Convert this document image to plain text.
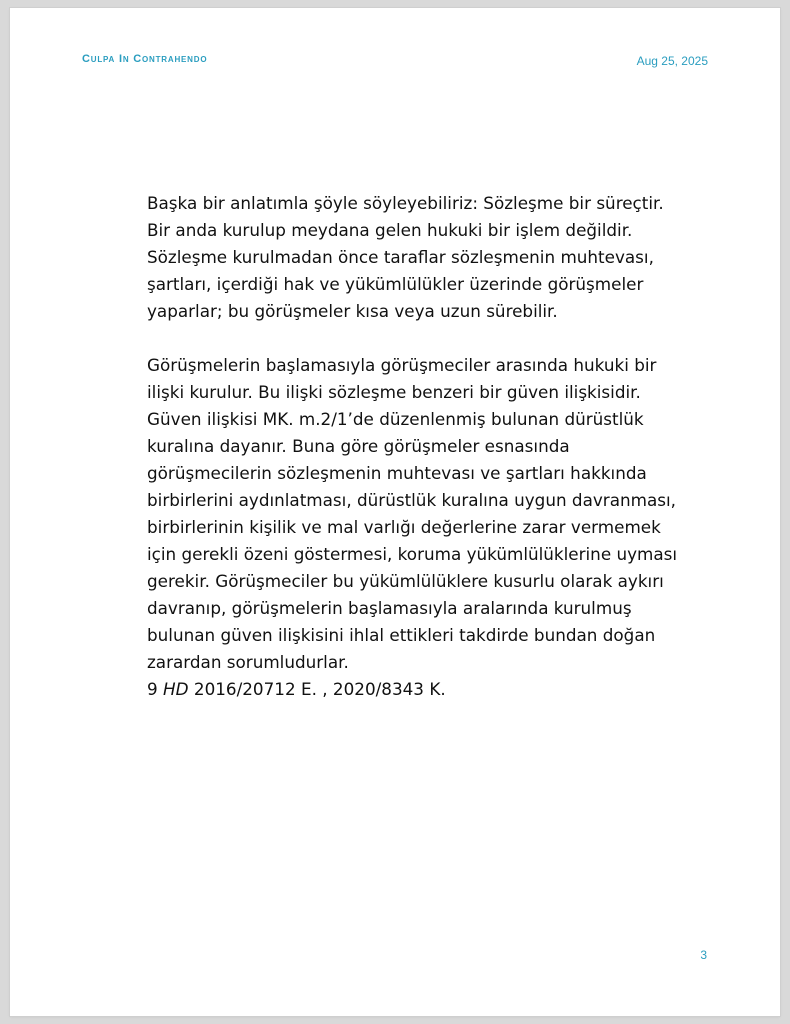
Culpa In Contrahendo	Aug 25, 2025

Başka bir anlatımla şöyle söyleyebiliriz: Sözleşme bir süreçtir. Bir anda kurulup meydana gelen hukuki bir işlem değildir. Sözleşme kurulmadan önce taraflar sözleşmenin muhtevası, şartları, içerdiği hak ve yükümlülükler üzerinde görüşmeler yaparlar; bu görüşmeler kısa veya uzun sürebilir.

Görüşmelerin başlamasıyla görüşmeciler arasında hukuki bir ilişki kurulur. Bu ilişki sözleşme benzeri bir güven ilişkisidir. Güven ilişkisi MK. m.2/1’de düzenlenmiş bulunan dürüstlük kuralına dayanır. Buna göre görüşmeler esnasında görüşmecilerin sözleşmenin muhtevası ve şartları hakkında birbirlerini aydınlatması, dürüstlük kuralına uygun davranması, birbirlerinin kişilik ve mal varlığı değerlerine zarar vermemek için gerekli özeni göstermesi, koruma yükümlülüklerine uyması gerekir. Görüşmeciler bu yükümlülüklere kusurlu olarak aykırı davranıp, görüşmelerin başlamasıyla aralarında kurulmuş bulunan güven ilişkisini ihlal ettikleri takdirde bundan doğan zarardan sorumludurlar.

9 HD 2016/20712 E. , 2020/8343 K.

3
